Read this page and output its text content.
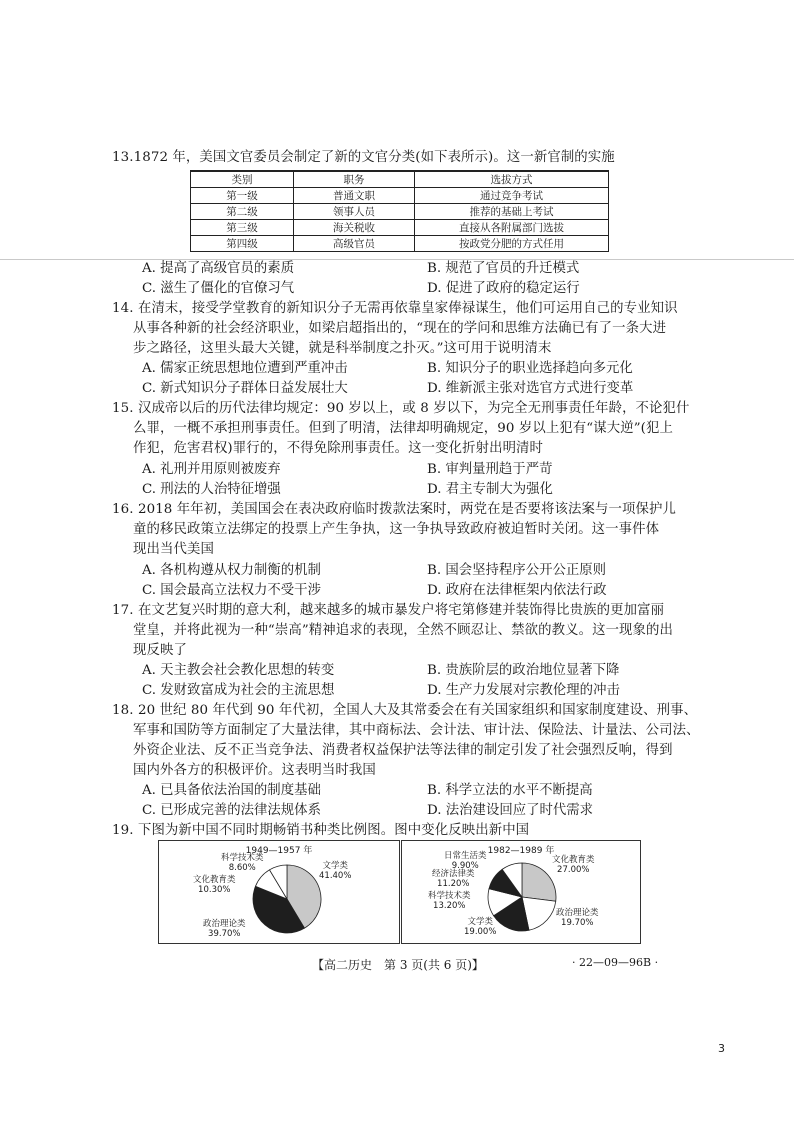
13.1872 年，美国文官委员会制定了新的文官分类(如下表所示)。这一新官制的实施
类别	职务	选拔方式
第一级	普通文职	通过竞争考试
第二级	领事人员	推荐的基础上考试
第三级	海关税收	直接从各附属部门选拔
第四级	高级官员	按政党分肥的方式任用
A. 提高了高级官员的素质	B. 规范了官员的升迁模式
C. 滋生了僵化的官僚习气	D. 促进了政府的稳定运行
14. 在清末，接受学堂教育的新知识分子无需再依靠皇家俸禄谋生，他们可运用自己的专业知识
从事各种新的社会经济职业，如梁启超指出的，“现在的学问和思维方法确已有了一条大进
步之路径，这里头最大关键，就是科举制度之扑灭。”这可用于说明清末
A. 儒家正统思想地位遭到严重冲击	B. 知识分子的职业选择趋向多元化
C. 新式知识分子群体日益发展壮大	D. 维新派主张对选官方式进行变革
15. 汉成帝以后的历代法律均规定：90 岁以上，或 8 岁以下，为完全无刑事责任年龄，不论犯什
么罪，一概不承担刑事责任。但到了明清，法律却明确规定，90 岁以上犯有“谋大逆”(犯上
作犯，危害君权)罪行的，不得免除刑事责任。这一变化折射出明清时
A. 礼刑并用原则被废弃	B. 审判量刑趋于严苛
C. 刑法的人治特征增强	D. 君主专制大为强化
16. 2018 年年初，美国国会在表决政府临时拨款法案时，两党在是否要将该法案与一项保护儿
童的移民政策立法绑定的投票上产生争执，这一争执导致政府被迫暂时关闭。这一事件体
现出当代美国
A. 各机构遵从权力制衡的机制	B. 国会坚持程序公开公正原则
C. 国会最高立法权力不受干涉	D. 政府在法律框架内依法行政
17. 在文艺复兴时期的意大利，越来越多的城市暴发户将宅第修建并装饰得比贵族的更加富丽
堂皇，并将此视为一种“崇高”精神追求的表现，全然不顾忍让、禁欲的教义。这一现象的出
现反映了
A. 天主教会社会教化思想的转变	B. 贵族阶层的政治地位显著下降
C. 发财致富成为社会的主流思想	D. 生产力发展对宗教伦理的冲击
18. 20 世纪 80 年代到 90 年代初，全国人大及其常委会在有关国家组织和国家制度建设、刑事、
军事和国防等方面制定了大量法律，其中商标法、会计法、审计法、保险法、计量法、公司法、
外资企业法、反不正当竞争法、消费者权益保护法等法律的制定引发了社会强烈反响，得到
国内外各方的积极评价。这表明当时我国
A. 已具备依法治国的制度基础	B. 科学立法的水平不断提高
C. 已形成完善的法律法规体系	D. 法治建设回应了时代需求
19. 下图为新中国不同时期畅销书种类比例图。图中变化反映出新中国
1949—1957 年
科学技术类
8.60%
文化教育类
10.30%
文学类
41.40%
政治理论类
39.70%
1982—1989 年
日常生活类
9.90%
经济法律类
11.20%
科学技术类
13.20%
文学类
19.00%
文化教育类
27.00%
政治理论类
19.70%
【高二历史　第 3 页(共 6 页)】	· 22—09—96B ·
3
